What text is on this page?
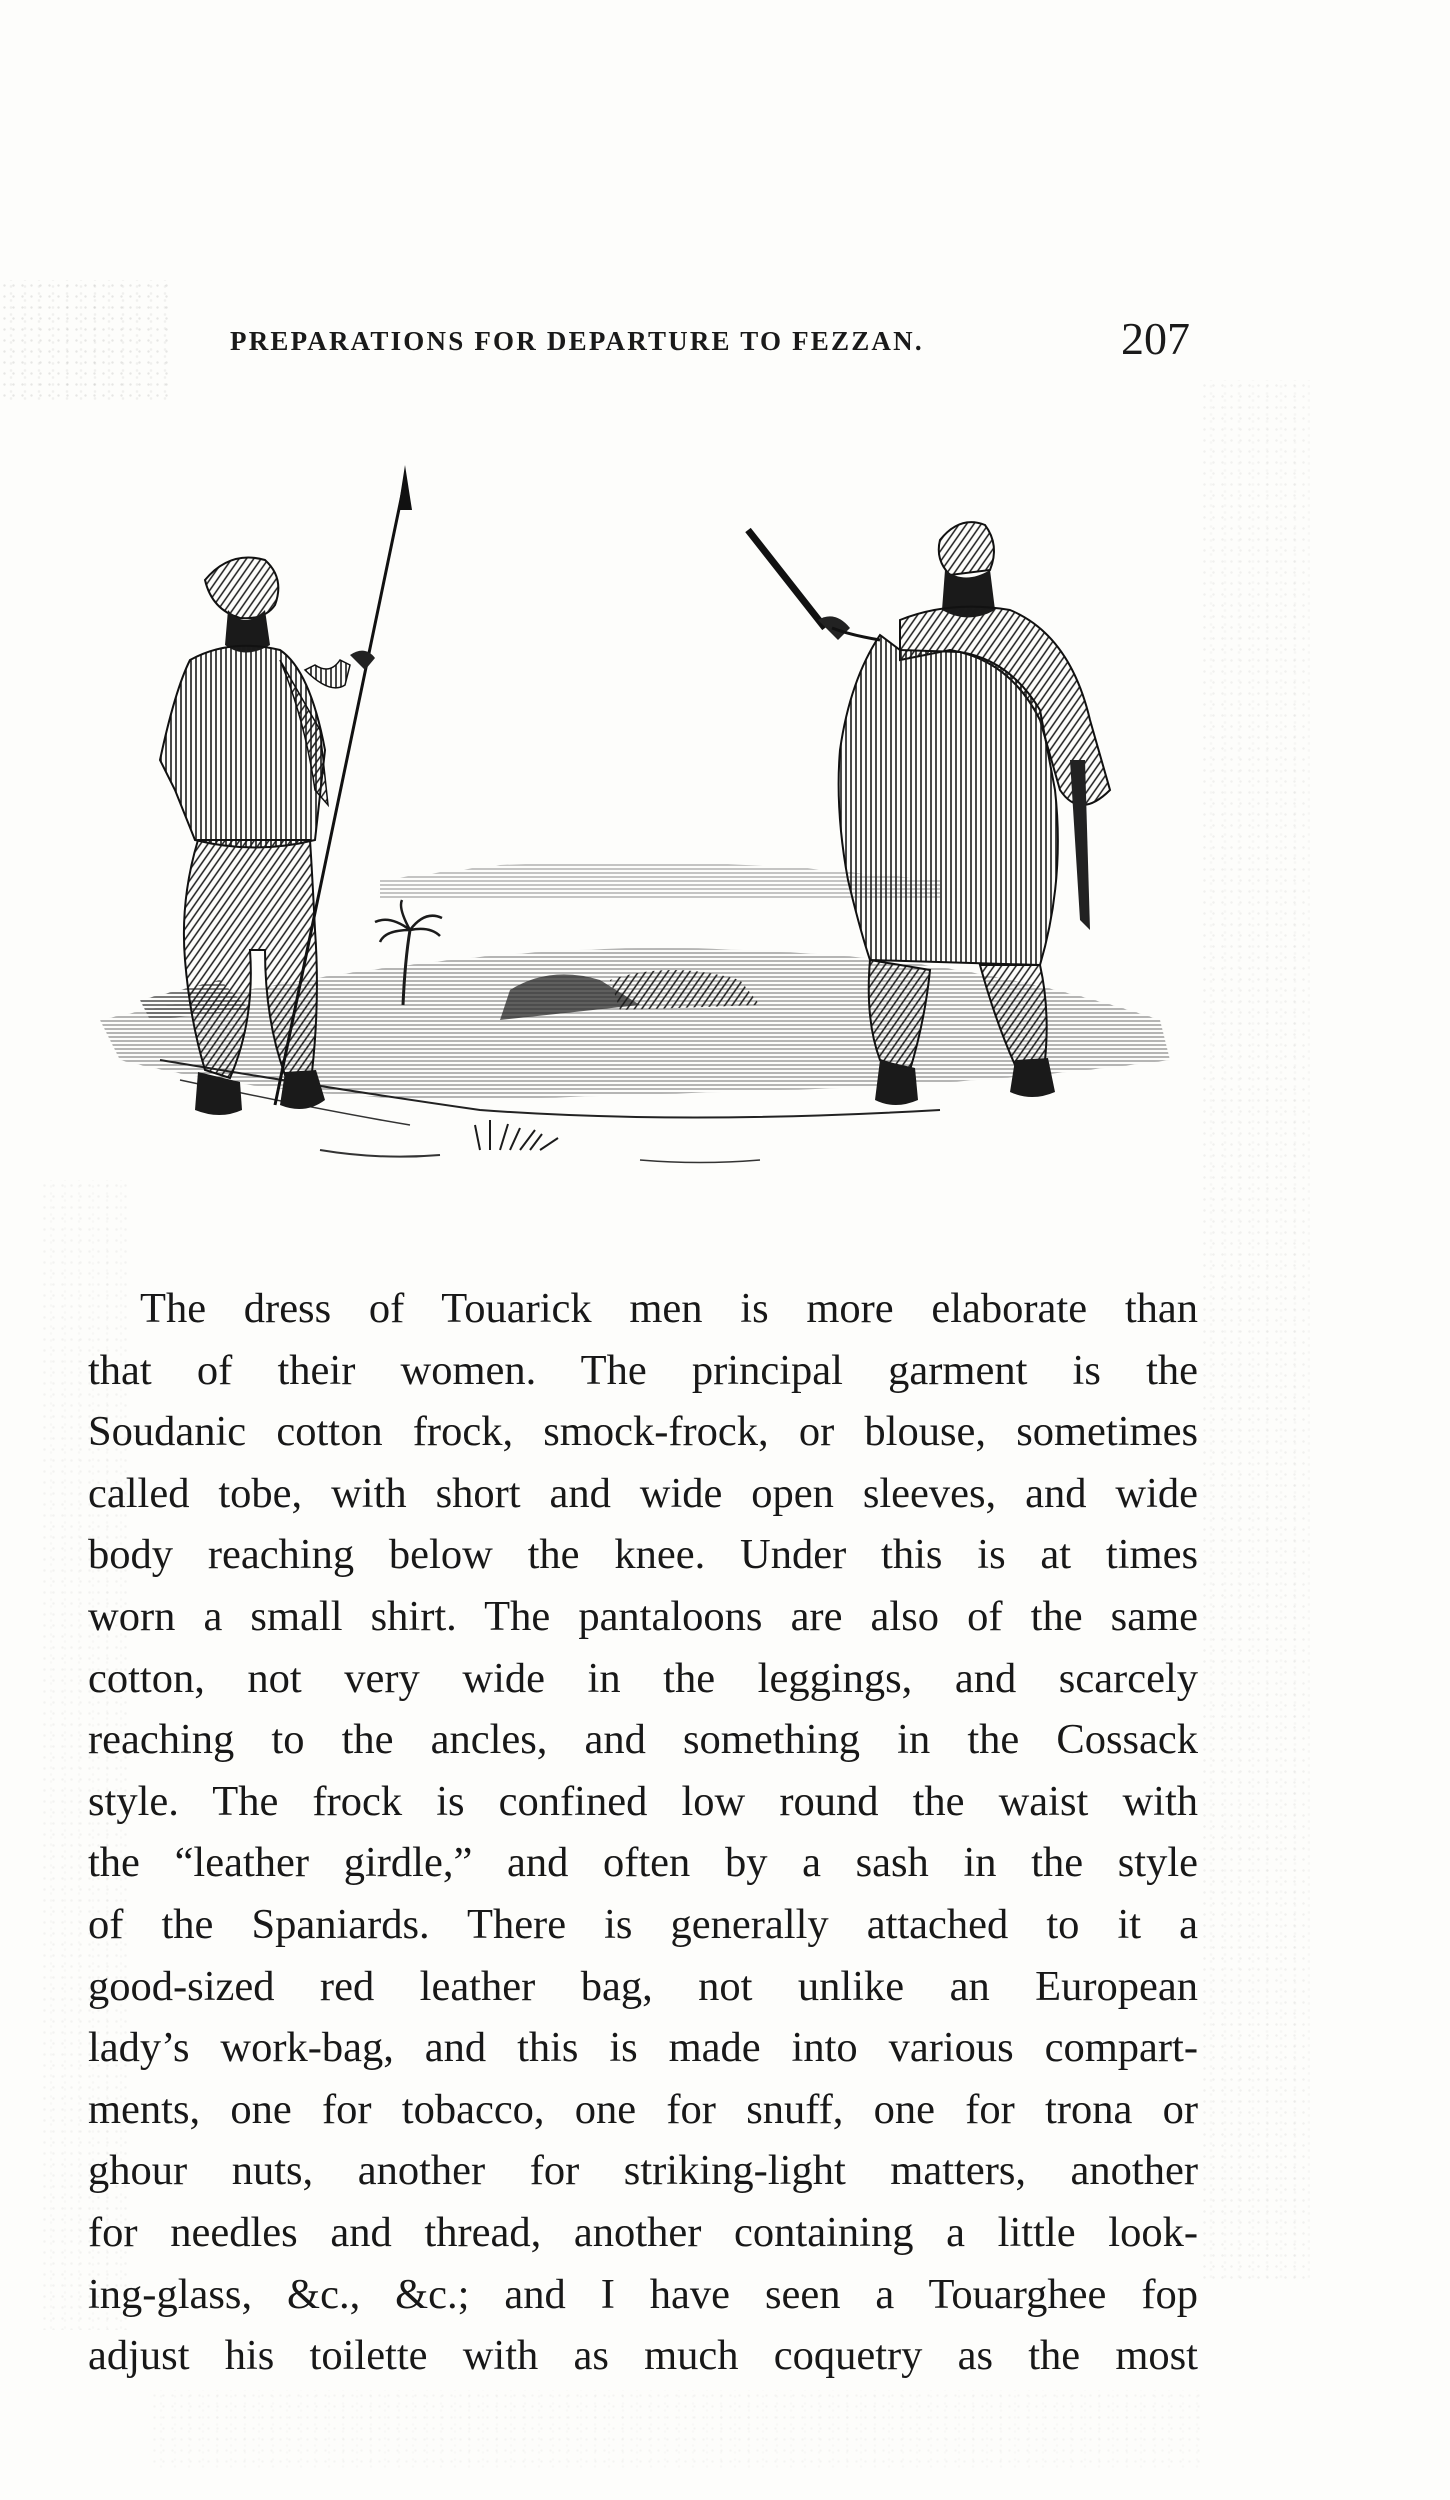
PREPARATIONS FOR DEPARTURE TO FEZZAN.	207
The dress of Touarick men is more elaborate than
that of their women. The principal garment is the
Soudanic cotton frock, smock-frock, or blouse, sometimes
called tobe, with short and wide open sleeves, and wide
body reaching below the knee. Under this is at times
worn a small shirt. The pantaloons are also of the same
cotton, not very wide in the leggings, and scarcely
reaching to the ancles, and something in the Cossack
style. The frock is confined low round the waist with
the “leather girdle,” and often by a sash in the style
of the Spaniards. There is generally attached to it a
good-sized red leather bag, not unlike an European
lady’s work-bag, and this is made into various compart-
ments, one for tobacco, one for snuff, one for trona or
ghour nuts, another for striking-light matters, another
for needles and thread, another containing a little look-
ing-glass, &c., &c.; and I have seen a Touarghee fop
adjust his toilette with as much coquetry as the most
